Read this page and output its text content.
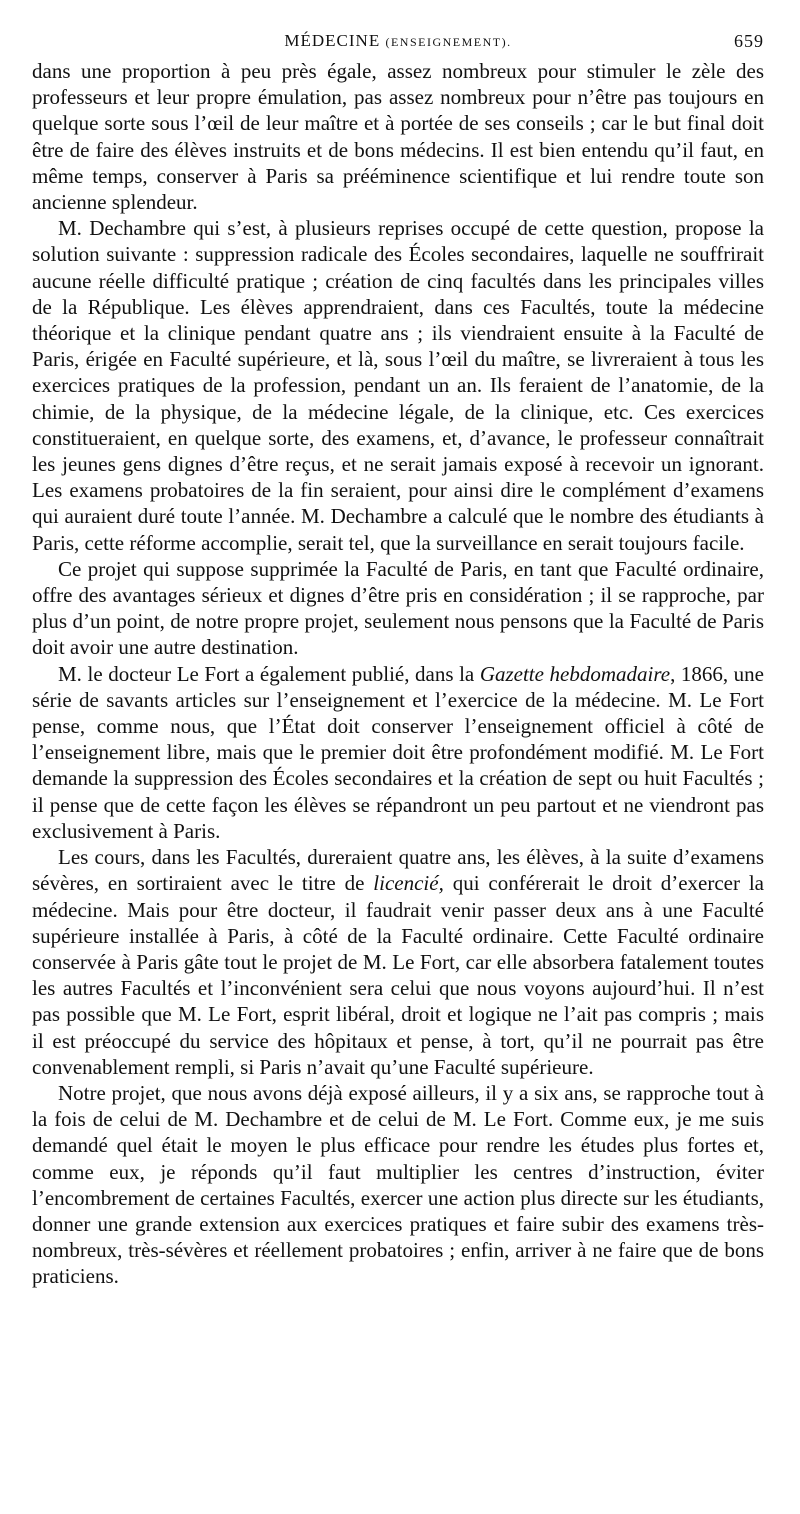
MÉDECINE (ENSEIGNEMENT).	659

dans une proportion à peu près égale, assez nombreux pour stimuler le zèle des professeurs et leur propre émulation, pas assez nombreux pour n’être pas toujours en quelque sorte sous l’œil de leur maître et à portée de ses conseils ; car le but final doit être de faire des élèves instruits et de bons médecins. Il est bien entendu qu’il faut, en même temps, conserver à Paris sa prééminence scientifique et lui rendre toute son ancienne splendeur.

M. Dechambre qui s’est, à plusieurs reprises occupé de cette question, propose la solution suivante : suppression radicale des Écoles secondaires, laquelle ne souffrirait aucune réelle difficulté pratique ; création de cinq facultés dans les principales villes de la République. Les élèves apprendraient, dans ces Facultés, toute la médecine théorique et la clinique pendant quatre ans ; ils viendraient ensuite à la Faculté de Paris, érigée en Faculté supérieure, et là, sous l’œil du maître, se livreraient à tous les exercices pratiques de la profession, pendant un an. Ils feraient de l’anatomie, de la chimie, de la physique, de la médecine légale, de la clinique, etc. Ces exercices constitueraient, en quelque sorte, des examens, et, d’avance, le professeur connaîtrait les jeunes gens dignes d’être reçus, et ne serait jamais exposé à recevoir un ignorant. Les examens probatoires de la fin seraient, pour ainsi dire le complément d’examens qui auraient duré toute l’année. M. Dechambre a calculé que le nombre des étudiants à Paris, cette réforme accomplie, serait tel, que la surveillance en serait toujours facile.

Ce projet qui suppose supprimée la Faculté de Paris, en tant que Faculté ordinaire, offre des avantages sérieux et dignes d’être pris en considération ; il se rapproche, par plus d’un point, de notre propre projet, seulement nous pensons que la Faculté de Paris doit avoir une autre destination.

M. le docteur Le Fort a également publié, dans la Gazette hebdomadaire, 1866, une série de savants articles sur l’enseignement et l’exercice de la médecine. M. Le Fort pense, comme nous, que l’État doit conserver l’enseignement officiel à côté de l’enseignement libre, mais que le premier doit être profondément modifié. M. Le Fort demande la suppression des Écoles secondaires et la création de sept ou huit Facultés ; il pense que de cette façon les élèves se répandront un peu partout et ne viendront pas exclusivement à Paris.

Les cours, dans les Facultés, dureraient quatre ans, les élèves, à la suite d’examens sévères, en sortiraient avec le titre de licencié, qui conférerait le droit d’exercer la médecine. Mais pour être docteur, il faudrait venir passer deux ans à une Faculté supérieure installée à Paris, à côté de la Faculté ordinaire. Cette Faculté ordinaire conservée à Paris gâte tout le projet de M. Le Fort, car elle absorbera fatalement toutes les autres Facultés et l’inconvénient sera celui que nous voyons aujourd’hui. Il n’est pas possible que M. Le Fort, esprit libéral, droit et logique ne l’ait pas compris ; mais il est préoccupé du service des hôpitaux et pense, à tort, qu’il ne pourrait pas être convenablement rempli, si Paris n’avait qu’une Faculté supérieure.

Notre projet, que nous avons déjà exposé ailleurs, il y a six ans, se rapproche tout à la fois de celui de M. Dechambre et de celui de M. Le Fort. Comme eux, je me suis demandé quel était le moyen le plus efficace pour rendre les études plus fortes et, comme eux, je réponds qu’il faut multiplier les centres d’instruction, éviter l’encombrement de certaines Facultés, exercer une action plus directe sur les étudiants, donner une grande extension aux exercices pratiques et faire subir des examens très-nombreux, très-sévères et réellement probatoires ; enfin, arriver à ne faire que de bons praticiens.
